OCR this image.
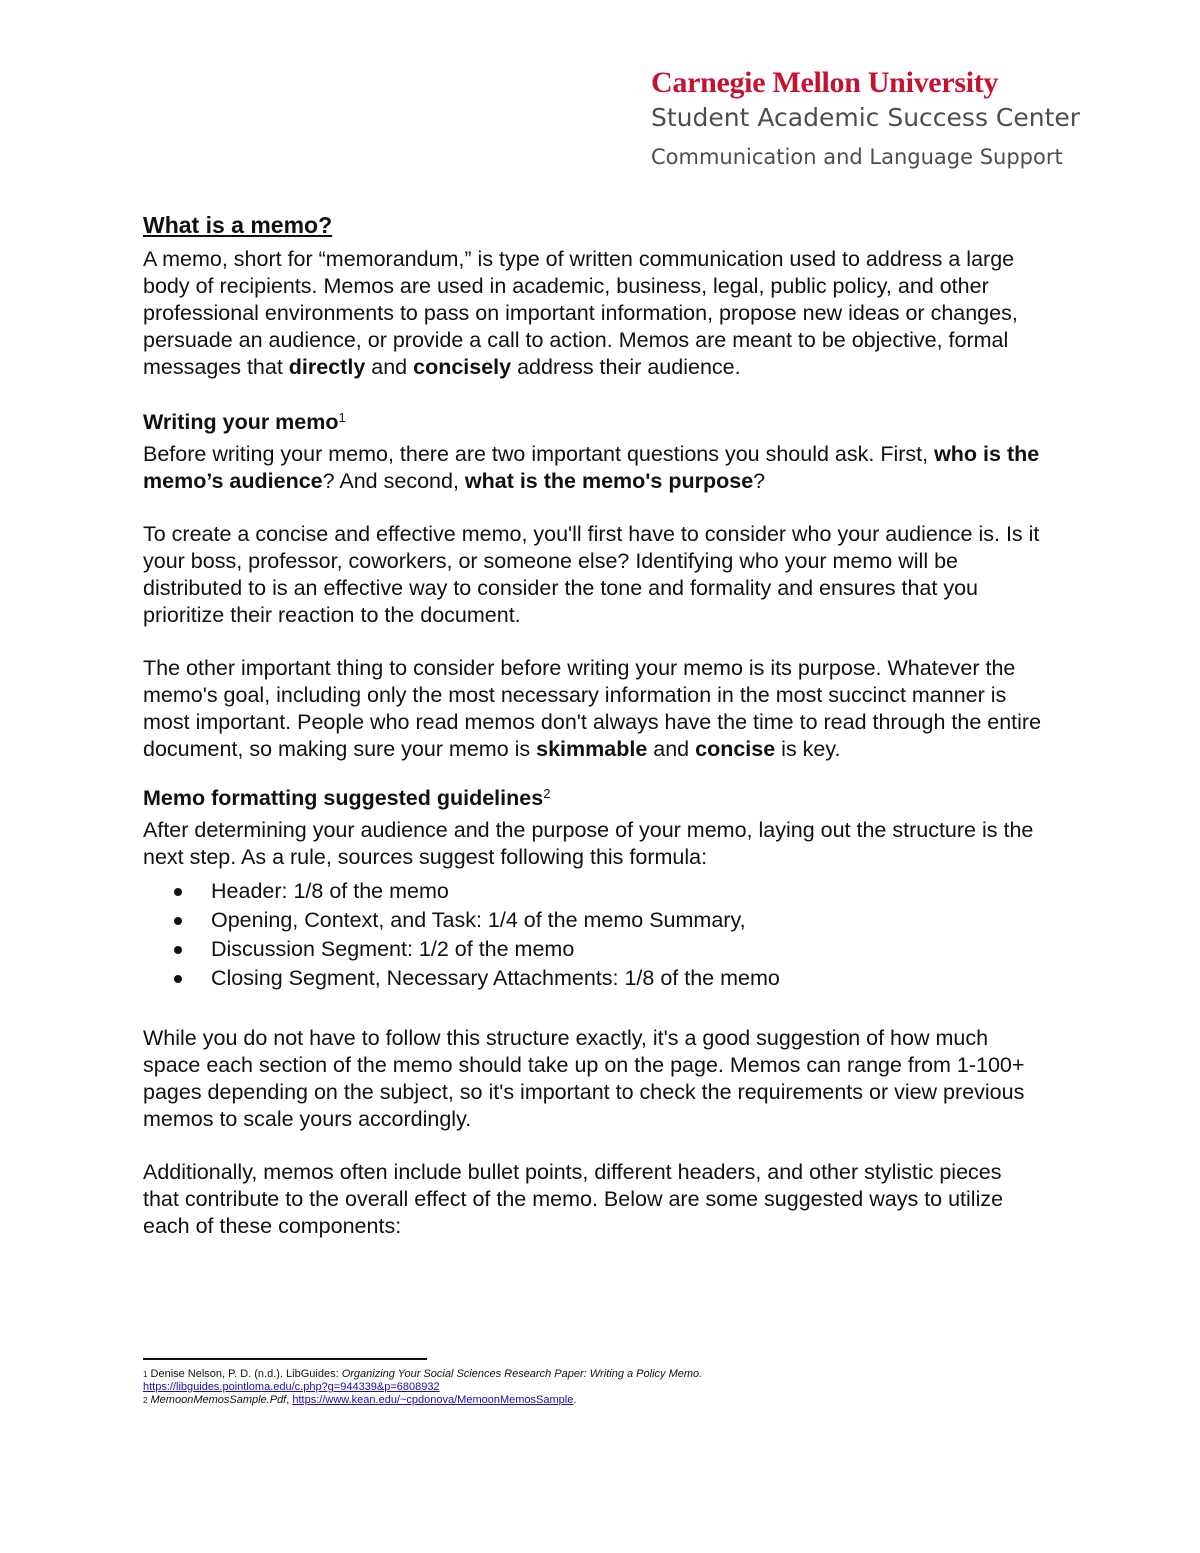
Carnegie Mellon University
Student Academic Success Center
Communication and Language Support
What is a memo?

A memo, short for “memorandum,” is type of written communication used to address a large body of recipients. Memos are used in academic, business, legal, public policy, and other professional environments to pass on important information, propose new ideas or changes, persuade an audience, or provide a call to action. Memos are meant to be objective, formal messages that directly and concisely address their audience.

Writing your memo$^1$

Before writing your memo, there are two important questions you should ask. First, who is the memo’s audience? And second, what is the memo's purpose?

To create a concise and effective memo, you'll first have to consider who your audience is. Is it your boss, professor, coworkers, or someone else? Identifying who your memo will be distributed to is an effective way to consider the tone and formality and ensures that you prioritize their reaction to the document.

The other important thing to consider before writing your memo is its purpose. Whatever the memo's goal, including only the most necessary information in the most succinct manner is most important. People who read memos don't always have the time to read through the entire document, so making sure your memo is skimmable and concise is key.

Memo formatting suggested guidelines$^2$

After determining your audience and the purpose of your memo, laying out the structure is the next step. As a rule, sources suggest following this formula:

Header: 1/8 of the memo
Opening, Context, and Task: 1/4 of the memo Summary,
Discussion Segment: 1/2 of the memo
Closing Segment, Necessary Attachments: 1/8 of the memo

While you do not have to follow this structure exactly, it's a good suggestion of how much space each section of the memo should take up on the page. Memos can range from 1-100+ pages depending on the subject, so it's important to check the requirements or view previous memos to scale yours accordingly.

Additionally, memos often include bullet points, different headers, and other stylistic pieces that contribute to the overall effect of the memo. Below are some suggested ways to utilize each of these components:

$^1$ Denise Nelson, P. D. (n.d.). LibGuides: Organizing Your Social Sciences Research Paper: Writing a Policy Memo.
https://libguides.pointloma.edu/c.php?g=944339&p=6808932
$^2$ MemoonMemosSample.Pdf, https://www.kean.edu/~cpdonova/MemoonMemosSample.
